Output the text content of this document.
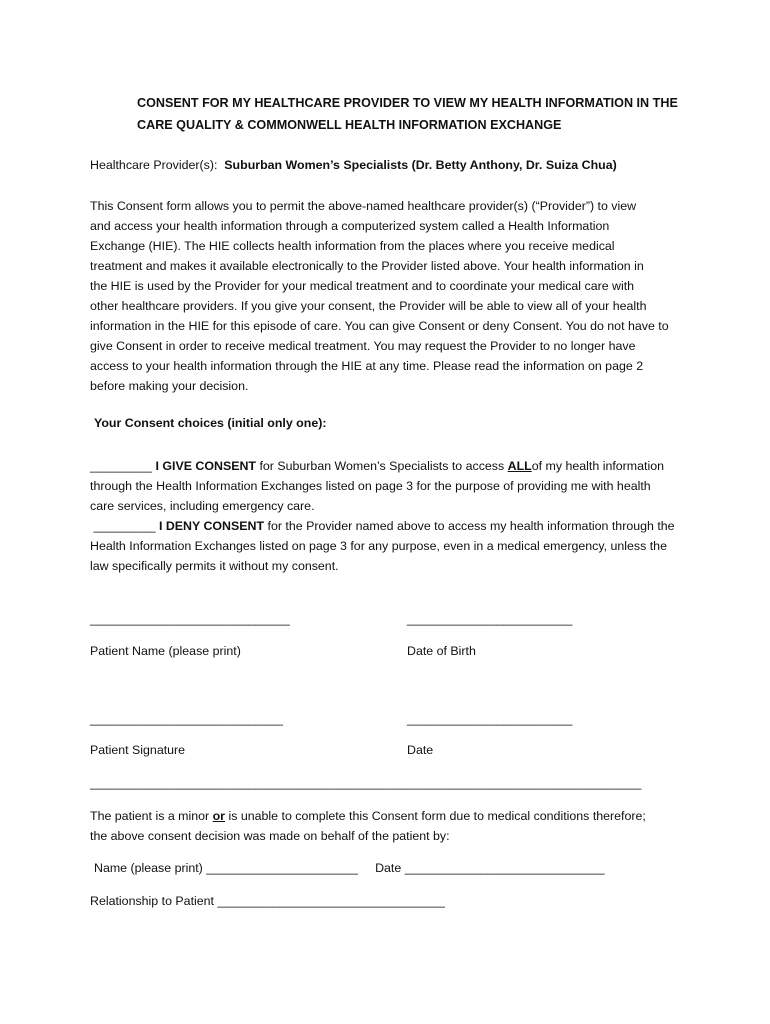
CONSENT FOR MY HEALTHCARE PROVIDER TO VIEW MY HEALTH INFORMATION IN THE
CARE QUALITY & COMMONWELL HEALTH INFORMATION EXCHANGE
Healthcare Provider(s): Suburban Women’s Specialists (Dr. Betty Anthony, Dr. Suiza Chua)
This Consent form allows you to permit the above-named healthcare provider(s) (“Provider”) to view
and access your health information through a computerized system called a Health Information
Exchange (HIE). The HIE collects health information from the places where you receive medical
treatment and makes it available electronically to the Provider listed above. Your health information in
the HIE is used by the Provider for your medical treatment and to coordinate your medical care with
other healthcare providers. If you give your consent, the Provider will be able to view all of your health
information in the HIE for this episode of care. You can give Consent or deny Consent. You do not have to
give Consent in order to receive medical treatment. You may request the Provider to no longer have
access to your health information through the HIE at any time. Please read the information on page 2
before making your decision.
Your Consent choices (initial only one):
_________ I GIVE CONSENT for Suburban Women’s Specialists to access ALLof my health information
through the Health Information Exchanges listed on page 3 for the purpose of providing me with health
care services, including emergency care.
_________ I DENY CONSENT for the Provider named above to access my health information through the
Health Information Exchanges listed on page 3 for any purpose, even in a medical emergency, unless the
law specifically permits it without my consent.
_____________________________	________________________
Patient Name (please print)	Date of Birth
____________________________	________________________
Patient Signature	Date
________________________________________________________________________________
The patient is a minor or is unable to complete this Consent form due to medical conditions therefore;
the above consent decision was made on behalf of the patient by:
Name (please print) ______________________ Date _____________________________
Relationship to Patient _________________________________
